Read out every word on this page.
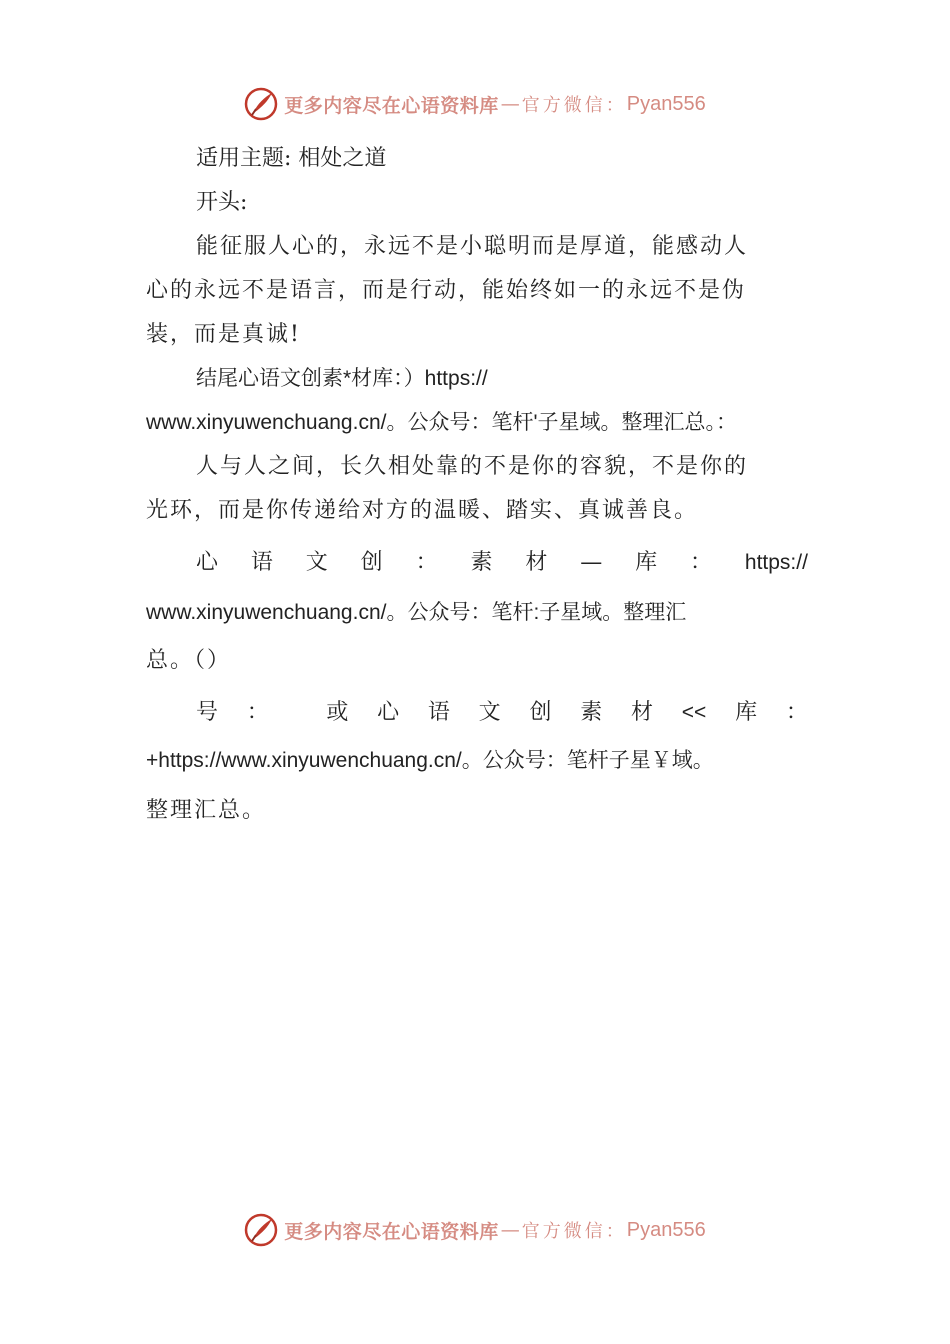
更多内容尽在心语资料库 — 官方微信： Pyan556
适用主题: 相处之道
开头:
能征服人心的，永远不是小聪明而是厚道，能感动人
心的永远不是语言，而是行动，能始终如一的永远不是伪
装，而是真诚!
结尾心语文创素*材库：）https://
www.xinyuwenchuang.cn/。公众号：笔杆'子星域。整理汇总。：
人与人之间，长久相处靠的不是你的容貌，不是你的
光环，而是你传递给对方的温暖、踏实、真诚善良。
心 语 文 创 ： 素 材 — 库 ： https://
www.xinyuwenchuang.cn/。公众号：笔杆:子星域。整理汇
总。（）
号 ：	或 心 语 文 创 素 材 << 库 ：
+https://www.xinyuwenchuang.cn/。公众号：笔杆子星￥域。
整理汇总。
更多内容尽在心语资料库 — 官方微信： Pyan556
